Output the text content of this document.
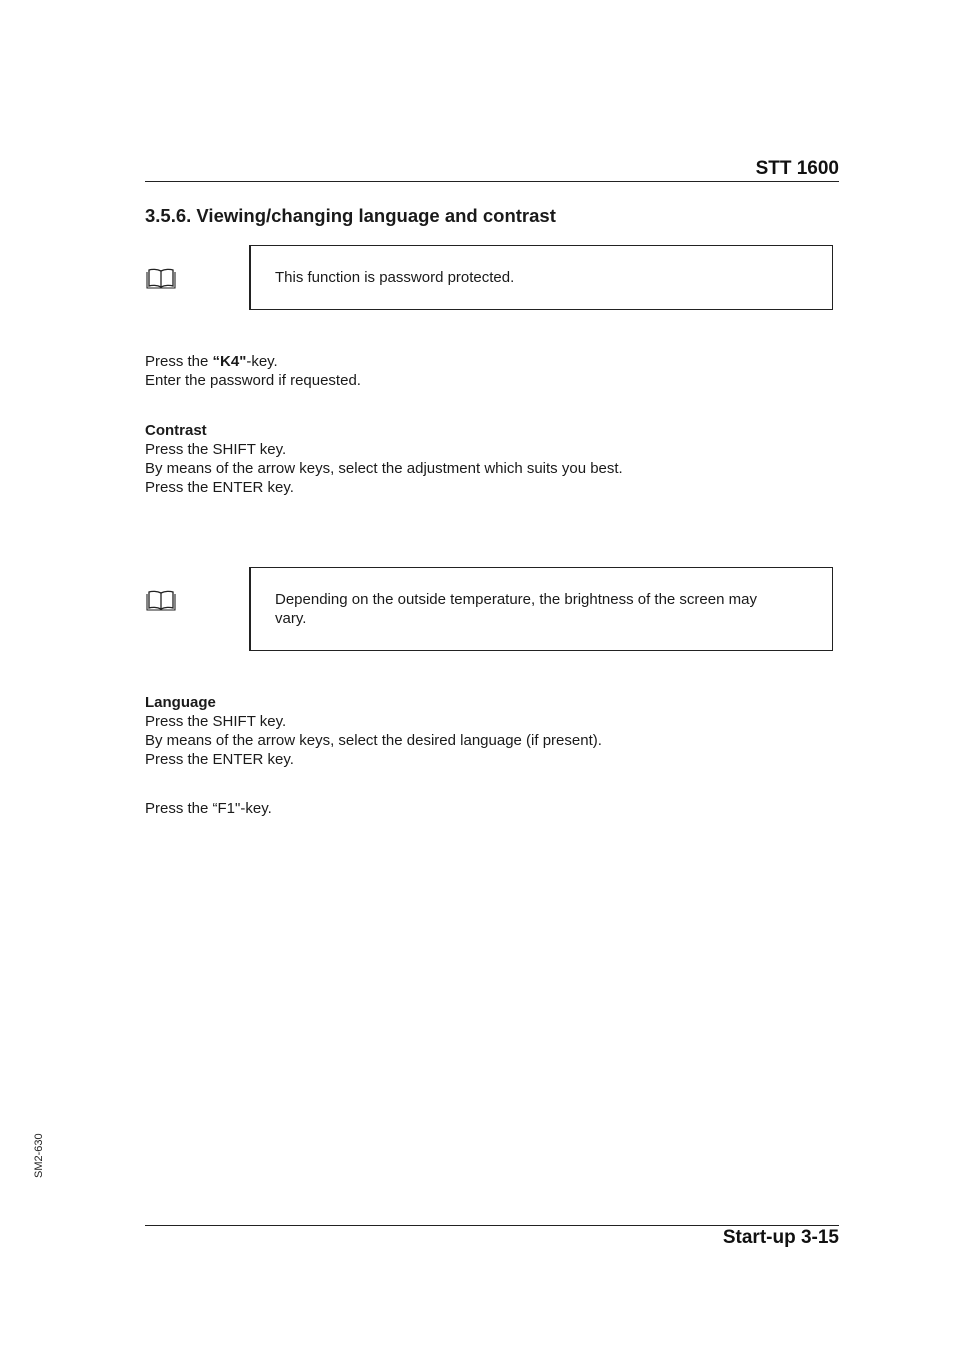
STT 1600
3.5.6. Viewing/changing language and contrast
This function is password protected.
Press the “K4"-key.
Enter the password if requested.
Contrast
Press the SHIFT key.
By means of the arrow keys, select the adjustment which suits you best.
Press the ENTER key.
Depending on the outside temperature, the brightness of the screen may
vary.
Language
Press the SHIFT key.
By means of the arrow keys, select the desired language (if present).
Press the ENTER key.
Press the “F1"-key.
SM2-630
Start-up 3-15
